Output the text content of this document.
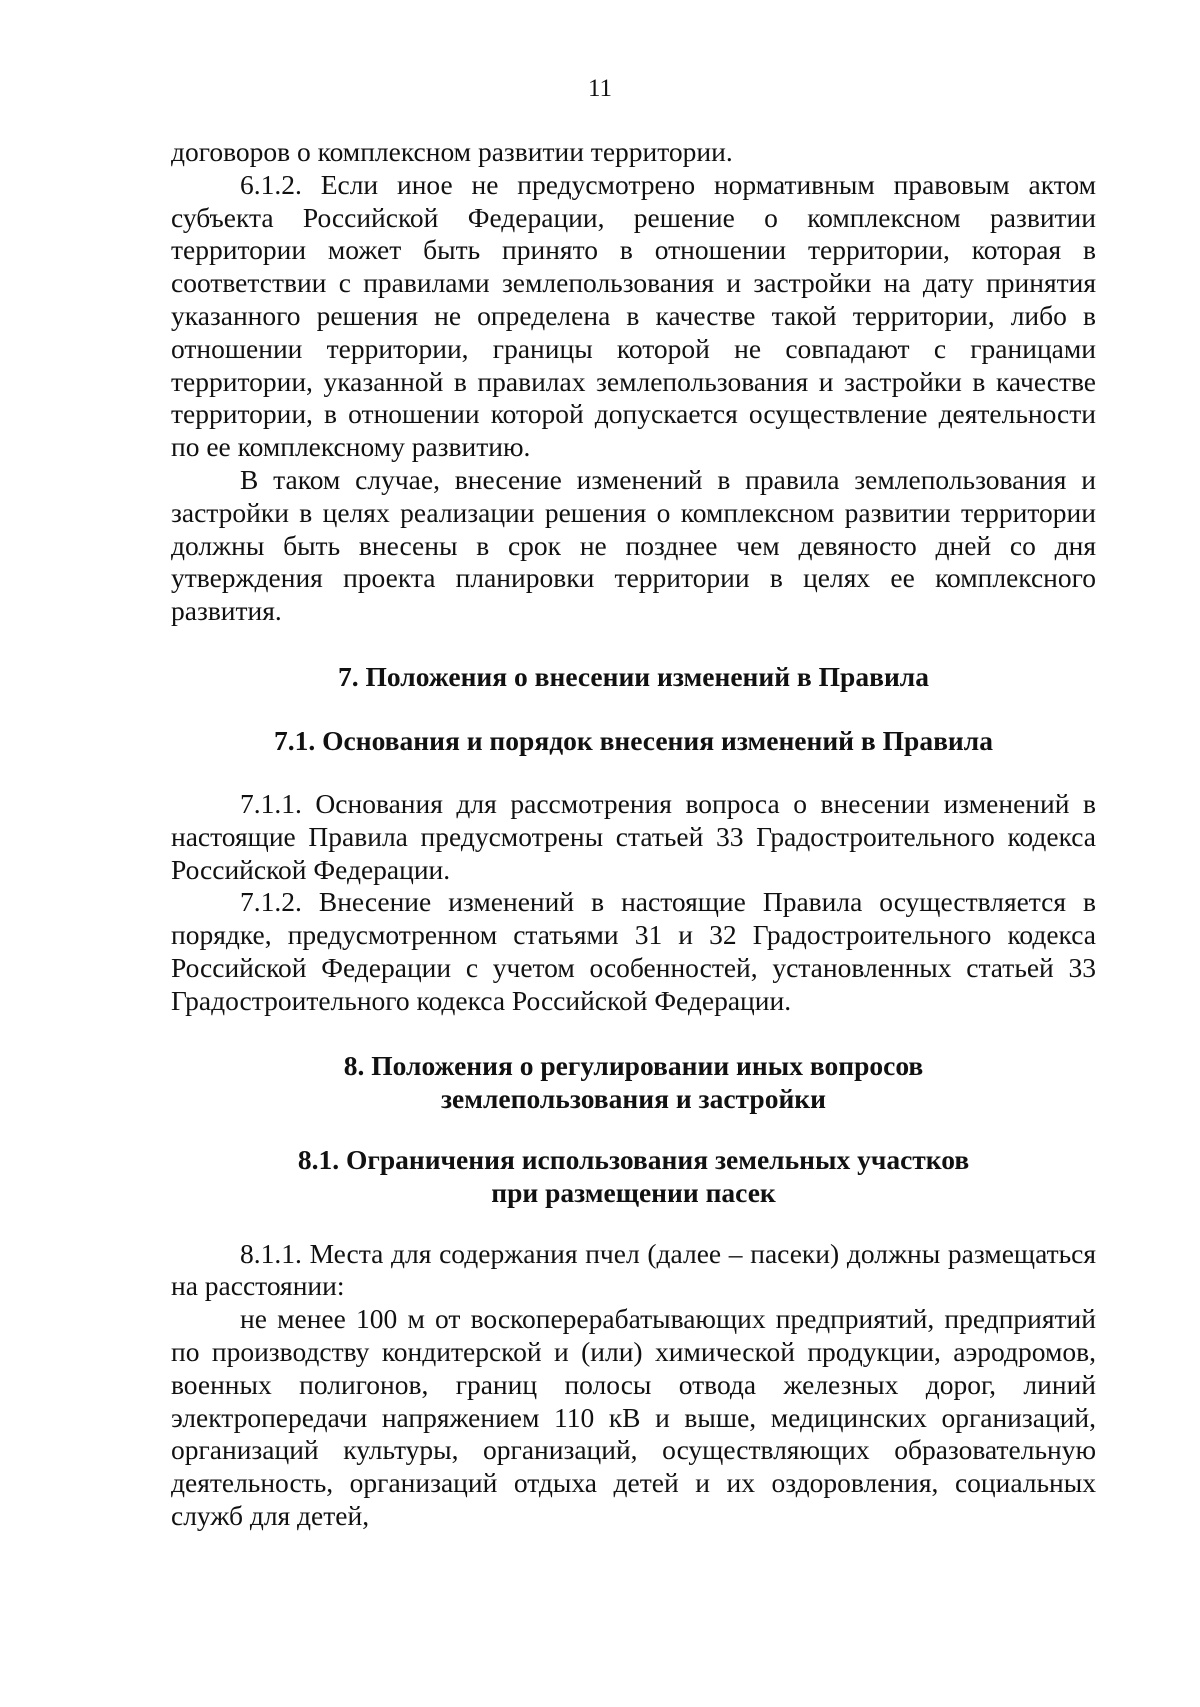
11

договоров о комплексном развитии территории.

6.1.2. Если иное не предусмотрено нормативным правовым актом субъекта Российской Федерации, решение о комплексном развитии территории может быть принято в отношении территории, которая в соответствии с правилами землепользования и застройки на дату принятия указанного решения не определена в качестве такой территории, либо в отношении территории, границы которой не совпадают с границами территории, указанной в правилах землепользования и застройки в качестве территории, в отношении которой допускается осуществление деятельности по ее комплексному развитию.

В таком случае, внесение изменений в правила землепользования и застройки в целях реализации решения о комплексном развитии территории должны быть внесены в срок не позднее чем девяносто дней со дня утверждения проекта планировки территории в целях ее комплексного развития.

7. Положения о внесении изменений в Правила
7.1. Основания и порядок внесения изменений в Правила

7.1.1. Основания для рассмотрения вопроса о внесении изменений в настоящие Правила предусмотрены статьей 33 Градостроительного кодекса Российской Федерации.

7.1.2. Внесение изменений в настоящие Правила осуществляется в порядке, предусмотренном статьями 31 и 32 Градостроительного кодекса Российской Федерации с учетом особенностей, установленных статьей 33 Градостроительного кодекса Российской Федерации.

8. Положения о регулировании иных вопросов
землепользования и застройки
8.1. Ограничения использования земельных участков
при размещении пасек

8.1.1. Места для содержания пчел (далее – пасеки) должны размещаться на расстоянии:

не менее 100 м от воскоперерабатывающих предприятий, предприятий по производству кондитерской и (или) химической продукции, аэродромов, военных полигонов, границ полосы отвода железных дорог, линий электропередачи напряжением 110 кВ и выше, медицинских организаций, организаций культуры, организаций, осуществляющих образовательную деятельность, организаций отдыха детей и их оздоровления, социальных служб для детей,
